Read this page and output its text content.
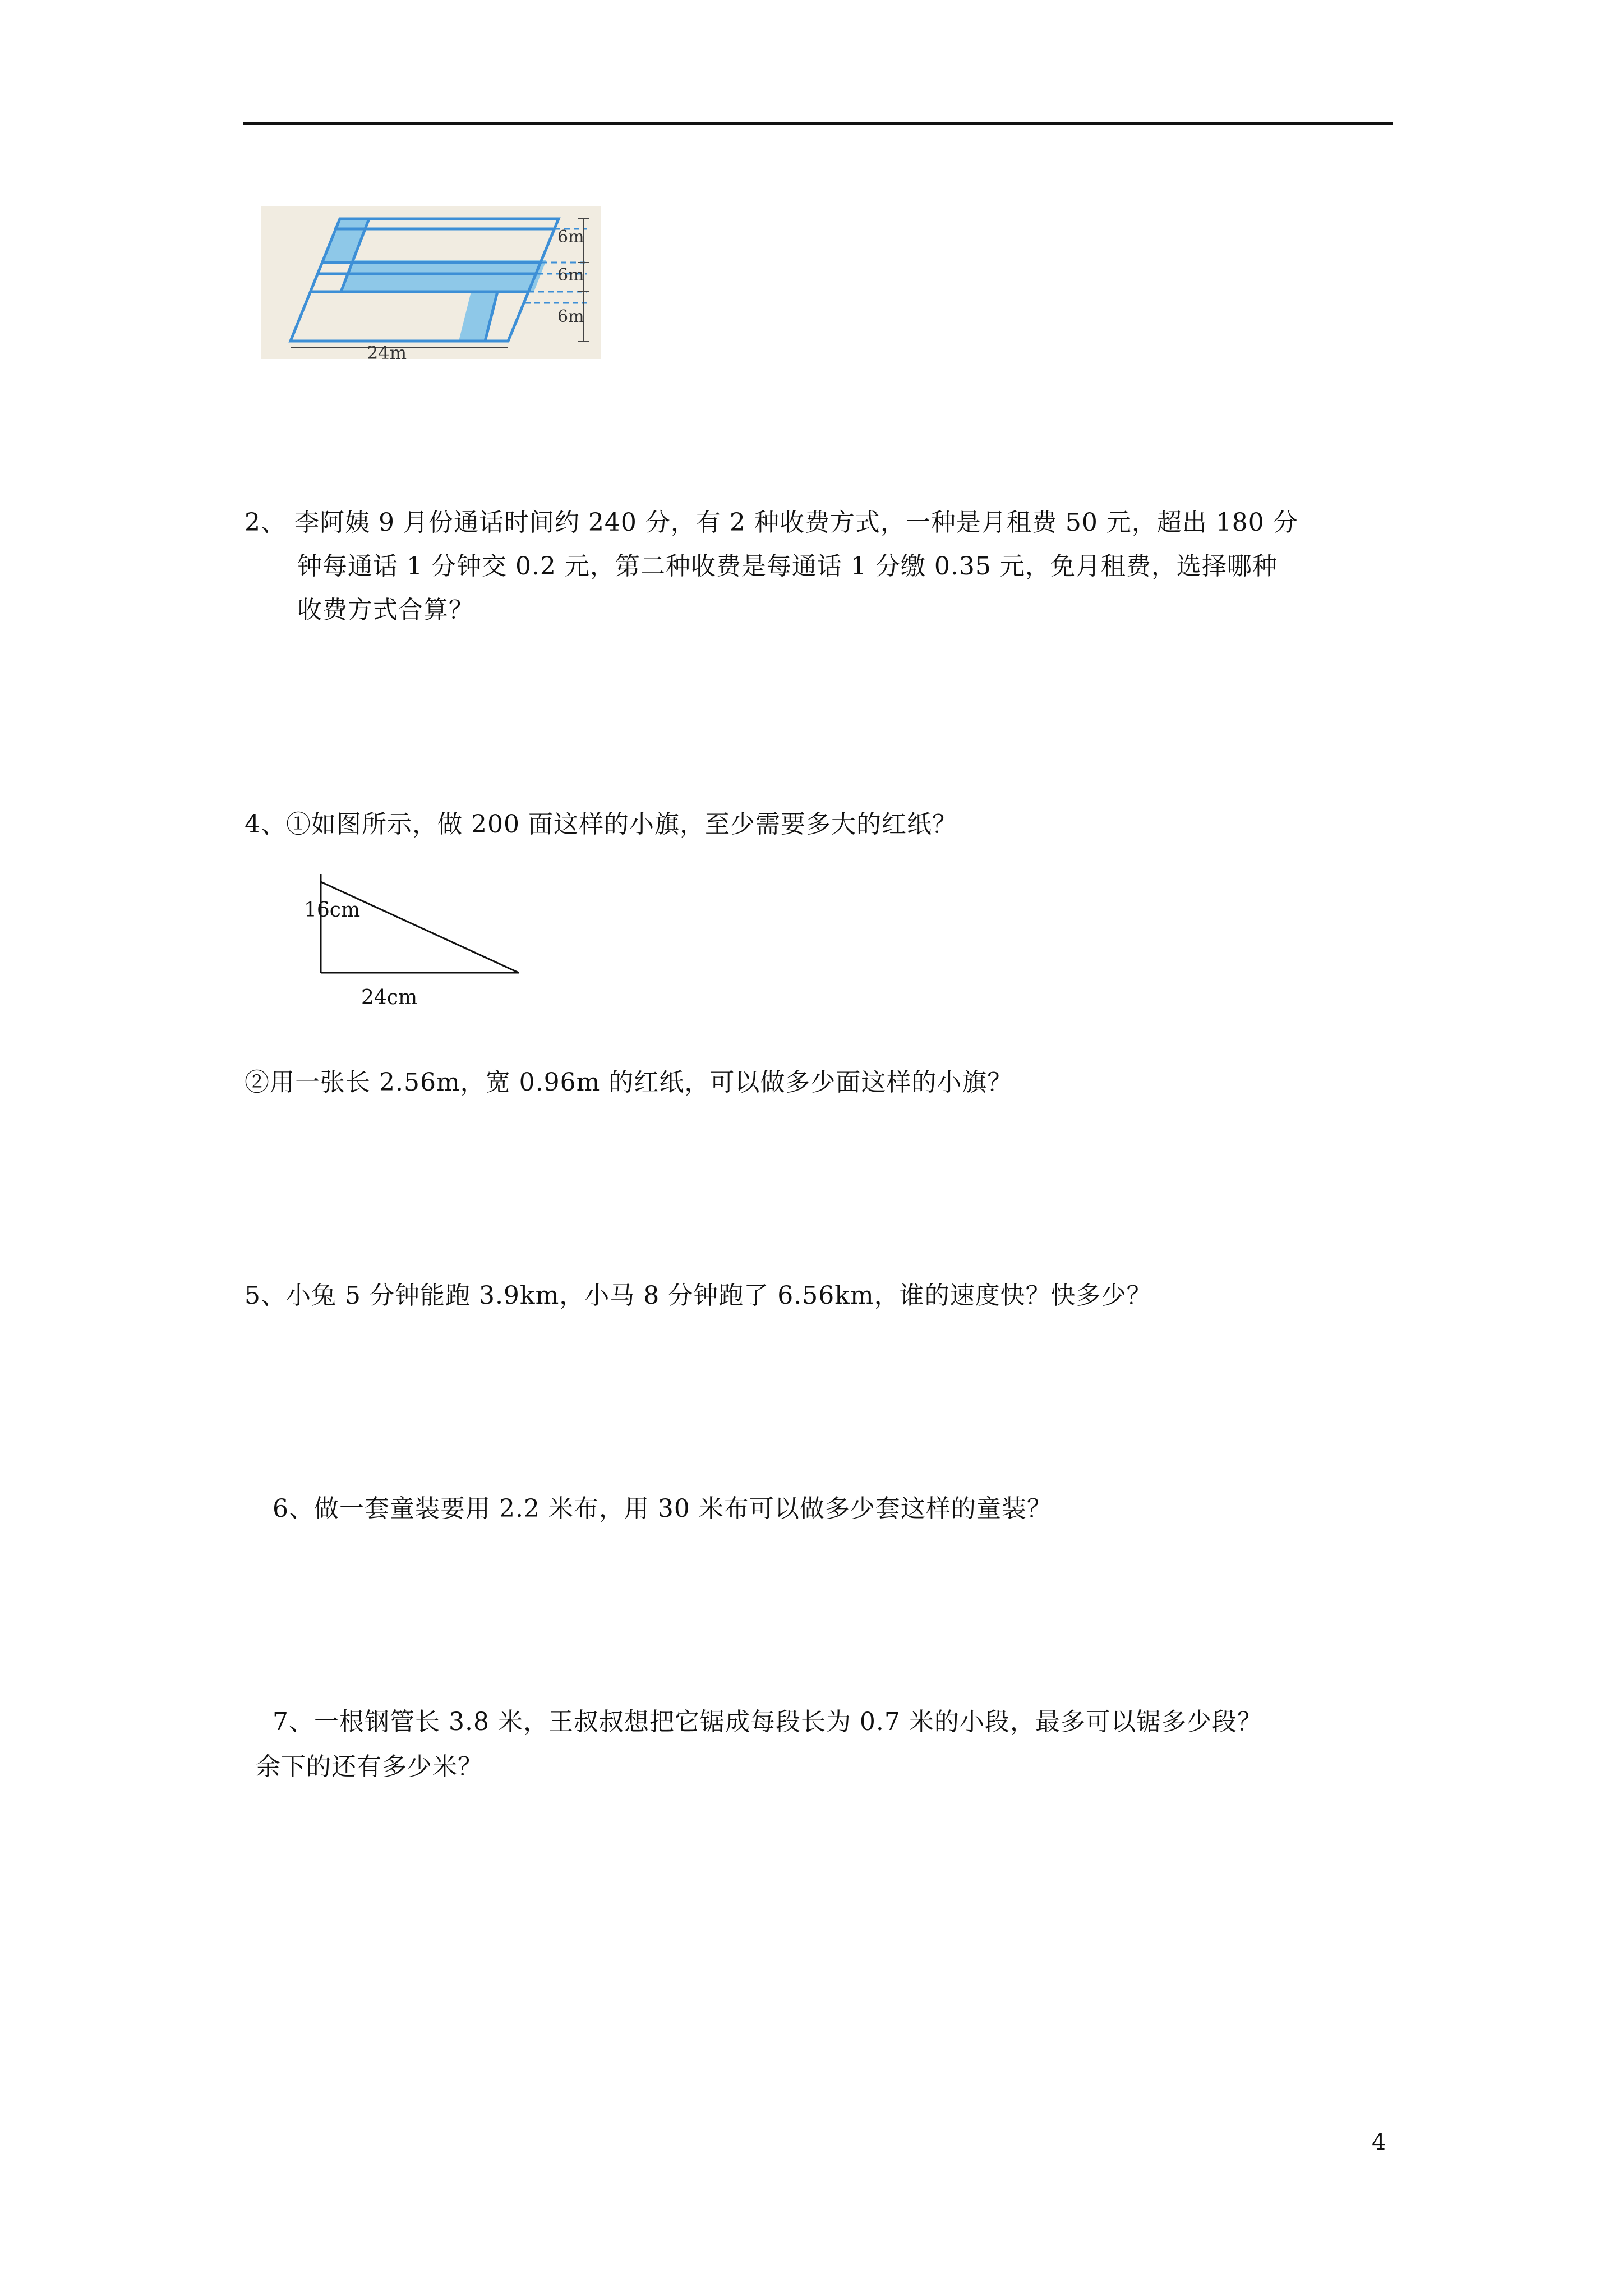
6m
6m
6m
24m
2、 李阿姨 9 月份通话时间约 240 分，有 2 种收费方式，一种是月租费 50 元，超出 180 分
钟每通话 1 分钟交 0.2 元，第二种收费是每通话 1 分缴 0.35 元，免月租费，选择哪种
收费方式合算？
4、①如图所示，做 200 面这样的小旗，至少需要多大的红纸？
16cm
24cm
②用一张长 2.56m，宽 0.96m 的红纸，可以做多少面这样的小旗？
5、小兔 5 分钟能跑 3.9km，小马 8 分钟跑了 6.56km，谁的速度快？快多少？
6、做一套童装要用 2.2 米布，用 30 米布可以做多少套这样的童装？
7、一根钢管长 3.8 米，王叔叔想把它锯成每段长为 0.7 米的小段，最多可以锯多少段？
余下的还有多少米？
4
